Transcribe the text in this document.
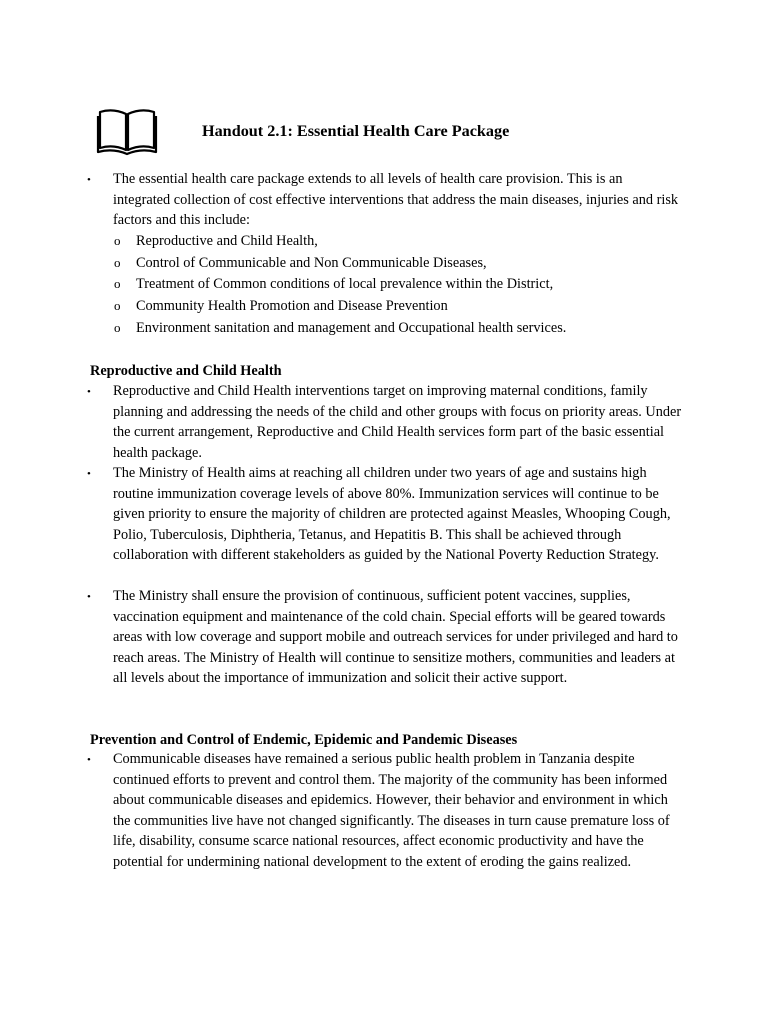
Handout 2.1: Essential Health Care Package
•	The essential health care package extends to all levels of health care provision. This is an integrated collection of cost effective interventions that address the main diseases, injuries and risk factors and this include:
o Reproductive and Child Health,
o Control of Communicable and Non Communicable Diseases,
o Treatment of Common conditions of local prevalence within the District,
o Community Health Promotion and Disease Prevention
o Environment sanitation and management and Occupational health services.
Reproductive and Child Health
•	Reproductive and Child Health interventions target on improving maternal conditions, family planning and addressing the needs of the child and other groups with focus on priority areas. Under the current arrangement, Reproductive and Child Health services form part of the basic essential health package.
•	The Ministry of Health aims at reaching all children under two years of age and sustains high routine immunization coverage levels of above 80%. Immunization services will continue to be given priority to ensure the majority of children are protected against Measles, Whooping Cough, Polio, Tuberculosis, Diphtheria, Tetanus, and Hepatitis B. This shall be achieved through collaboration with different stakeholders as guided by the National Poverty Reduction Strategy.
•	The Ministry shall ensure the provision of continuous, sufficient potent vaccines, supplies, vaccination equipment and maintenance of the cold chain. Special efforts will be geared towards areas with low coverage and support mobile and outreach services for under privileged and hard to reach areas. The Ministry of Health will continue to sensitize mothers, communities and leaders at all levels about the importance of immunization and solicit their active support.
Prevention and Control of Endemic, Epidemic and Pandemic Diseases
•	Communicable diseases have remained a serious public health problem in Tanzania despite continued efforts to prevent and control them. The majority of the community has been informed about communicable diseases and epidemics. However, their behavior and environment in which the communities live have not changed significantly. The diseases in turn cause premature loss of life, disability, consume scarce national resources, affect economic productivity and have the potential for undermining national development to the extent of eroding the gains realized.
